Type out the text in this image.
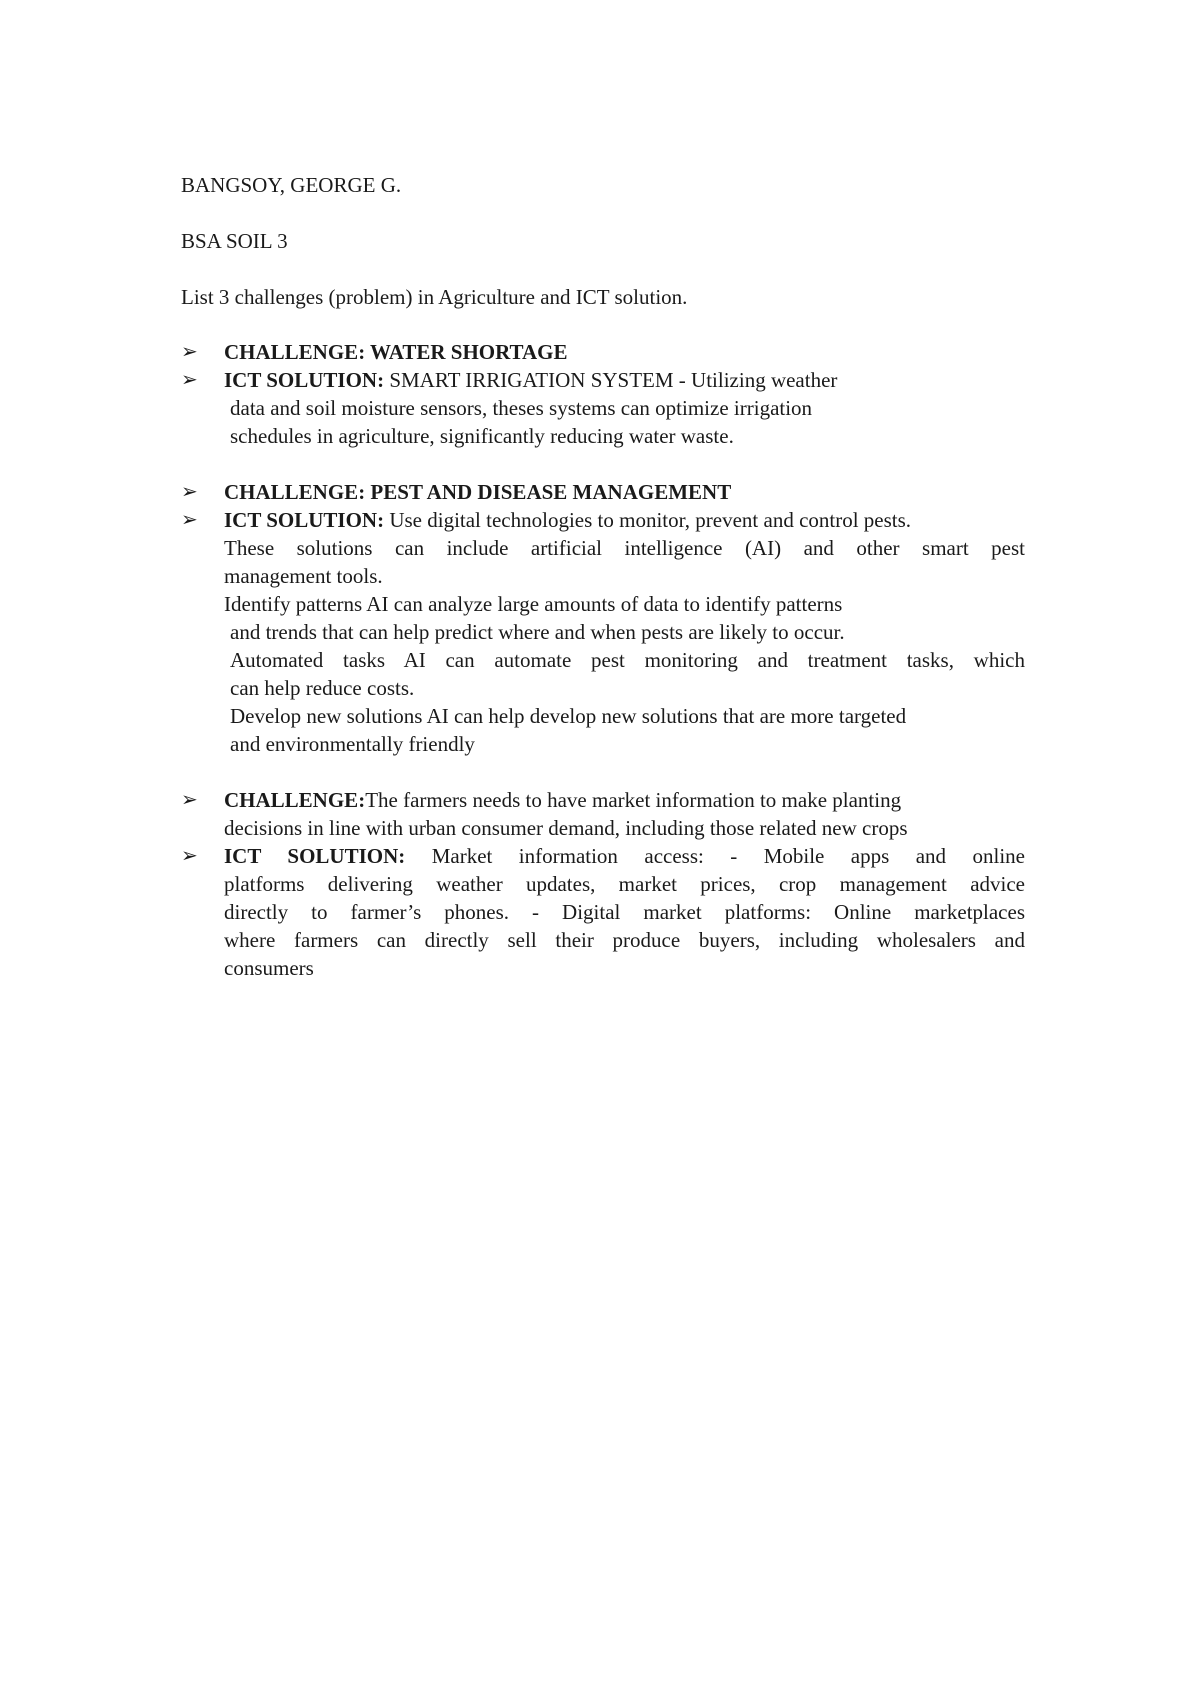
BANGSOY, GEORGE G.
BSA SOIL 3
List 3 challenges (problem) in Agriculture and ICT solution.
➢	CHALLENGE: WATER SHORTAGE
➢	ICT SOLUTION: SMART IRRIGATION SYSTEM - Utilizing weather
data and soil moisture sensors, theses systems can optimize irrigation
schedules in agriculture, significantly reducing water waste.
➢	CHALLENGE: PEST AND DISEASE MANAGEMENT
➢	ICT SOLUTION: Use digital technologies to monitor, prevent and control pests.
These solutions can include artificial intelligence (AI) and other smart pest
management tools.
Identify patterns AI can analyze large amounts of data to identify patterns
and trends that can help predict where and when pests are likely to occur.
Automated tasks AI can automate pest monitoring and treatment tasks, which
can help reduce costs.
Develop new solutions AI can help develop new solutions that are more targeted
and environmentally friendly
➢	CHALLENGE:The farmers needs to have market information to make planting
decisions in line with urban consumer demand, including those related new crops
➢	ICT SOLUTION: Market information access: - Mobile apps and online
platforms delivering weather updates, market prices, crop management advice
directly to farmer’s phones. - Digital market platforms: Online marketplaces
where farmers can directly sell their produce buyers, including wholesalers and
consumers
